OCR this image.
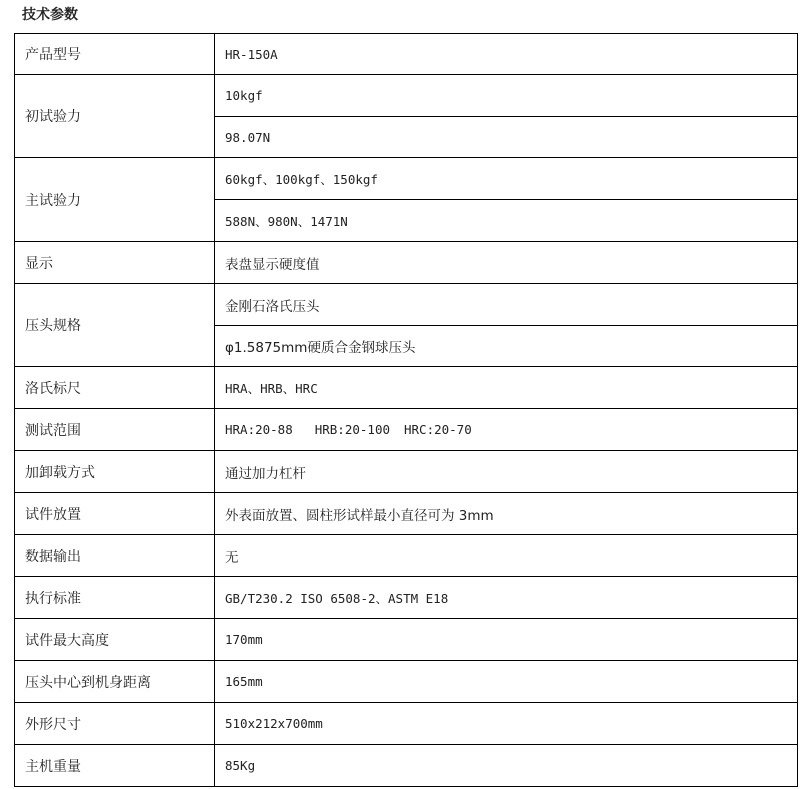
技术参数
产品型号	HR-150A
初试验力	10kgf
	98.07N
主试验力	60kgf、100kgf、150kgf
	588N、980N、1471N
显示	表盘显示硬度值
压头规格	金刚石洛氏压头
	φ1.5875mm硬质合金钢球压头
洛氏标尺	HRA、HRB、HRC
测试范围	HRA:20-88 HRB:20-100 HRC:20-70
加卸载方式	通过加力杠杆
试件放置	外表面放置、圆柱形试样最小直径可为 3mm
数据输出	无
执行标准	GB/T230.2 ISO 6508-2、ASTM E18
试件最大高度	170mm
压头中心到机身距离	165mm
外形尺寸	510x212x700mm
主机重量	85Kg
